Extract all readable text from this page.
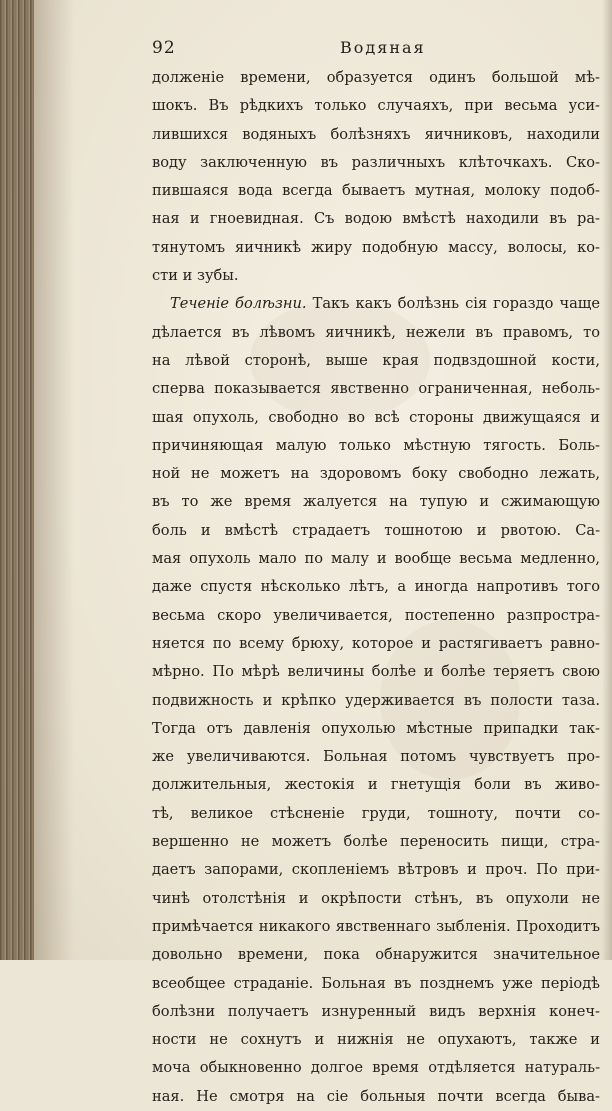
92	Водяная
долженіе времени, образуется одинъ большой мѣ-
шокъ. Въ рѣдкихъ только случаяхъ, при весьма уси-
лившихся водяныхъ болѣзняхъ яичниковъ, находили
воду заключенную въ различныхъ клѣточкахъ. Ско-
пившаяся вода всегда бываетъ мутная, молоку подоб-
ная и гноевидная. Съ водою вмѣстѣ находили въ ра-
тянутомъ яичникѣ жиру подобную массу, волосы, ко-
сти и зубы.
Теченіе болѣзни. Такъ какъ болѣзнь сія гораздо чаще
дѣлается въ лѣвомъ яичникѣ, нежели въ правомъ, то
на лѣвой сторонѣ, выше края подвздошной кости,
сперва показывается явственно ограниченная, неболь-
шая опухоль, свободно во всѣ стороны движущаяся и
причиняющая малую только мѣстную тягость. Боль-
ной не можетъ на здоровомъ боку свободно лежать,
въ то же время жалуется на тупую и сжимающую
боль и вмѣстѣ страдаетъ тошнотою и рвотою. Са-
мая опухоль мало по малу и вообще весьма медленно,
даже спустя нѣсколько лѣтъ, а иногда напротивъ того
весьма скоро увеличивается, постепенно разпростра-
няется по всему брюху, которое и растягиваетъ равно-
мѣрно. По мѣрѣ величины болѣе и болѣе теряетъ свою
подвижность и крѣпко удерживается въ полости таза.
Тогда отъ давленія опухолью мѣстные припадки так-
же увеличиваются. Больная потомъ чувствуетъ про-
должительныя, жестокія и гнетущія боли въ живо-
тѣ, великое стѣсненіе груди, тошноту, почти со-
вершенно не можетъ болѣе переносить пищи, стра-
даетъ запорами, скопленіемъ вѣтровъ и проч. По при-
чинѣ отолстѣнія и окрѣпости стѣнъ, въ опухоли не
примѣчается никакого явственнаго зыбленія. Проходитъ
довольно времени, пока обнаружится значительное
всеобщее страданіе. Больная въ позднемъ уже періодѣ
болѣзни получаетъ изнуренный видъ верхнія конеч-
ности не сохнутъ и нижнія не опухаютъ, также и
моча обыкновенно долгое время отдѣляется натураль-
ная. Не смотря на сіе больныя почти всегда быва-
